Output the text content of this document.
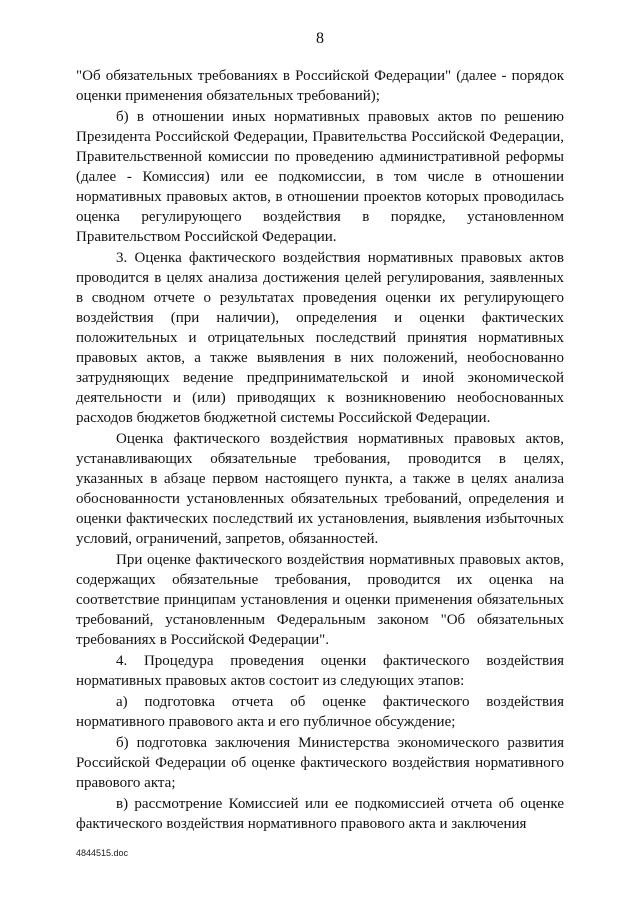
8

"Об обязательных требованиях в Российской Федерации" (далее - порядок оценки применения обязательных требований);

б) в отношении иных нормативных правовых актов по решению Президента Российской Федерации, Правительства Российской Федерации, Правительственной комиссии по проведению административной реформы (далее - Комиссия) или ее подкомиссии, в том числе в отношении нормативных правовых актов, в отношении проектов которых проводилась оценка регулирующего воздействия в порядке, установленном Правительством Российской Федерации.

3. Оценка фактического воздействия нормативных правовых актов проводится в целях анализа достижения целей регулирования, заявленных в сводном отчете о результатах проведения оценки их регулирующего воздействия (при наличии), определения и оценки фактических положительных и отрицательных последствий принятия нормативных правовых актов, а также выявления в них положений, необоснованно затрудняющих ведение предпринимательской и иной экономической деятельности и (или) приводящих к возникновению необоснованных расходов бюджетов бюджетной системы Российской Федерации.

Оценка фактического воздействия нормативных правовых актов, устанавливающих обязательные требования, проводится в целях, указанных в абзаце первом настоящего пункта, а также в целях анализа обоснованности установленных обязательных требований, определения и оценки фактических последствий их установления, выявления избыточных условий, ограничений, запретов, обязанностей.

При оценке фактического воздействия нормативных правовых актов, содержащих обязательные требования, проводится их оценка на соответствие принципам установления и оценки применения обязательных требований, установленным Федеральным законом "Об обязательных требованиях в Российской Федерации".

4. Процедура проведения оценки фактического воздействия нормативных правовых актов состоит из следующих этапов:

а) подготовка отчета об оценке фактического воздействия нормативного правового акта и его публичное обсуждение;

б) подготовка заключения Министерства экономического развития Российской Федерации об оценке фактического воздействия нормативного правового акта;

в) рассмотрение Комиссией или ее подкомиссией отчета об оценке фактического воздействия нормативного правового акта и заключения

4844515.doc
